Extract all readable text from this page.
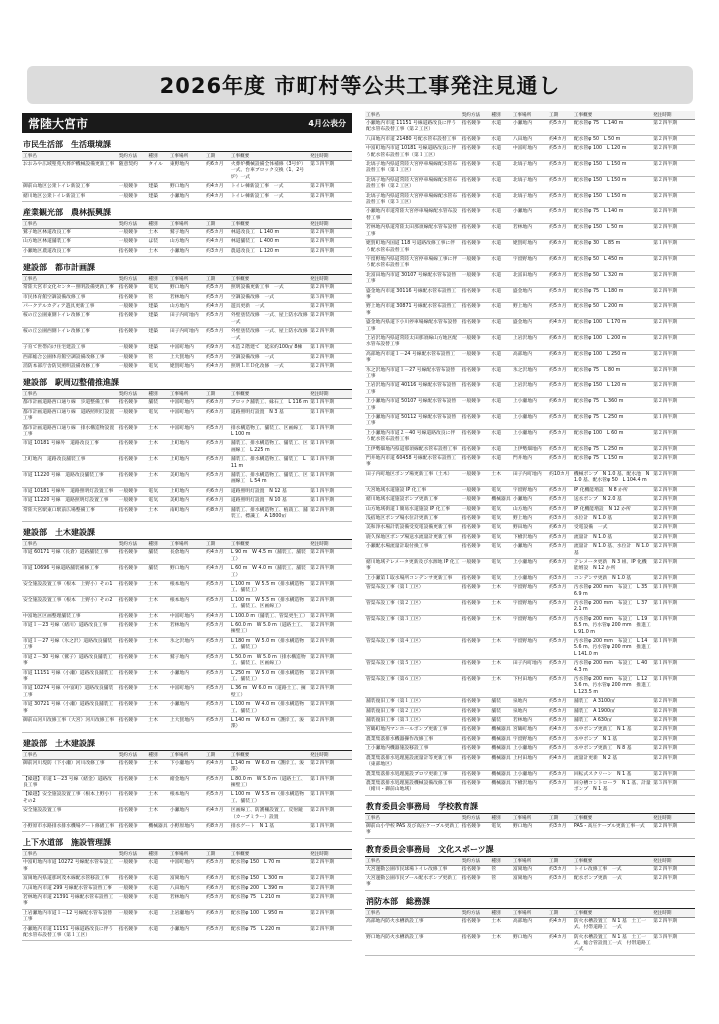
2026年度 市町村等公共工事発注見通し
常陸大宮市	4月公表分
市民生活部　生活環境課
工事名	契約方法	種別	工事場所	工期	工事概要	発注時期
おおみや広域聖苑火葬炉機械設備更新工事	随意契約	タイル	東野地内	約6カ月	火葬炉機械設備全体補修（3号炉）一式、台車ブロック交換（1、2号炉）一式	第３四半期
御前山地区公衆トイレ新設工事	一般競争	建築	野口地内	約4カ月	トイレ棟新設工事　一式	第２四半期
緒川地区公衆トイレ新設工事	一般競争	建築	小瀬地内	約4カ月	トイレ棟新設工事　一式	第２四半期
産業観光部　農林振興課
工事名	契約方法	種別	工事場所	工期	工事概要	発注時期
鷲子地区林道改良工事	一般競争	土木	鷲子地内	約5カ月	林道改良工　L 140 m	第２四半期
山方地区林道舗装工事	一般競争	ほ装	山方地内	約4カ月	林道舗装工　L 400 m	第２四半期
小瀬地区農道改良工事	指名競争	土木	小瀬地内	約3カ月	農道改良工　L 120 m	第２四半期
建設部　都市計画課
工事名	契約方法	種別	工事場所	工期	工事概要	発注時期
常陸大宮市文化センター照明設備更新工事	指名競争	電気	野口地内	約5カ月	照明設備更新工事　一式	第２四半期
市民体育館空調設備改修工事	指名競争	管	若林地内	約5カ月	空調設備改修　一式	第３四半期
パークアルカディア遊具更新工事	一般競争	建築	山方地内	約4カ月	遊具更新　一式	第２四半期
桜の丘公園東側トイレ改修工事	指名競争	建築	田子内町地内	約5カ月	外壁塗装改修　一式、屋上防水改修　一式	第２四半期
桜の丘公園西側トイレ改修工事	指名競争	建築	田子内町地内	約5カ月	外壁塗装改修　一式、屋上防水改修　一式	第２四半期
子育て世帯向け住宅建設工事	一般競争	建築	中富町地内	約9カ月	木造２階建て　延床約100㎡ 8棟	第１四半期
西部総合公園体育館空調設備改修工事	一般競争	管	上大賀地内	約5カ月	空調設備改修　一式	第２四半期
消防本部庁舎防災照明設備改修工事	一般競争	電気	姥賀町地内	約4カ月	照明ＬＥＤ化改修　一式	第２四半期
建設部　駅周辺整備推進課
工事名	契約方法	種別	工事場所	工期	工事概要	発注時期
都市計画道路西口通り線　歩道整備工事	指名競争	舗装	中富町地内	約6カ月	ブロック舗装工、縁石工　L 116 m	第１四半期
都市計画道路西口通り線　道路照明灯設置工事	一般競争	電気	中富町地内	約6カ月	道路照明灯設置　N 3 基	第１四半期
都市計画道路西口通り線　排水構造物設置工事	指名競争	土木	中富町地内	約5カ月	排水構造物工、舗装工、区画線工　L 100 m	第１四半期
市道 10181 号線外　道路改良工事	指名競争	土木	上町地内	約5カ月	舗装工、排水構造物工、舗装工、区画線工　L 225 m	第１四半期
上町地内　道路改良舗装工事	指名競争	土木	上町地内	約5カ月	舗装工、排水構造物工、舗装工　L 11 m	第１四半期
市道 11220 号線　道路改良舗装工事	指名競争	土木	美町地内	約5カ月	舗装工、排水構造物工、舗装工、区画線工　L 54 m	第１四半期
市道 10181 号線外　道路照明灯設置工事	一般競争	電気	上町地内	約6カ月	道路照明灯設置　N 12 基	第１四半期
市道 11220 号線　道路照明灯設置工事	一般競争	電気	美町地内	約6カ月	道路照明灯設置　N 10 基	第１四半期
常陸大宮駅東口駅前広場整備工事	指名競争	土木	南町地内	約8カ月	舗装工、排水構造物工、植栽工、舗装工、標識工　A 1800㎡	第２四半期
建設部　土木建設課
工事名	契約方法	種別	工事場所	工期	工事概要	発注時期
市道 60171 号線（長倉）道路舗装工事	指名競争	舗装	長倉地内	約4カ月	L 90 m　W 4.5 m（舗装工、舗装工）	第２四半期
市道 10696 号線道路舗装補修工事	指名競争	舗装	野口地内	約4カ月	L 60 m　W 4.0 m（舗装工、舗装工）	第２四半期
安全施設設置工事（根本　上野小）その1	指名競争	土木	根本地内	約5カ月	L 100 m　W 5.5 m（排水構造物工、舗装工）	第２四半期
安全施設設置工事（根本　上野小）その2	指名競争	土木	根本地内	約5カ月	L 100 m　W 5.5 m（排水構造物工、舗装工、区画線工）	第２四半期
中富地区区画整理舗装工事	指名競争	土木	中富町地内	約4カ月	L 100.0 m（舗装工、管渠更生工）	第２四半期
市道１－23 号線（緒川）道路改良工事	指名競争	土木	若林地内	約5カ月	L 60.0 m　W 5.0 m（道路土工、擁壁工）	第２四半期
市道１－27 号線（氷之沢）道路改良舗装工事	指名競争	土木	氷之沢地内	約5カ月	L 180 m　W 5.0 m（排水構造物工、舗装工）	第２四半期
市道２－30 号線（鷲子）道路改良舗装工事	指名競争	土木	鷲子地内	約5カ月	L 50.0 m　W 5.0 m（排水構造物工、舗装工、区画線工）	第２四半期
市道 11151 号線（小瀬）道路改良舗装工事	指名競争	土木	小瀬地内	約5カ月	L 250 m　W 5.0 m（排水構造物工、舗装工）	第２四半期
市道 10274 号線（中富町）道路改良舗装工事	指名競争	土木	中富町地内	約5カ月	L 36 m　W 6.0 m（道路土工、擁壁工）	第２四半期
市道 30721 号線（小瀬）道路改良舗装工事	指名競争	土木	小瀬地内	約5カ月	L 100 m　W 4.0 m（排水構造物工、舗装工）	第２四半期
御前山河川改修工事（大宮）河川改修工事	指名競争	土木	上大賀地内	約5カ月	L 140 m　W 6.0 m（護岸工、浚渫）	第２四半期
建設部　土木建設課
工事名	契約方法	種別	工事場所	工期	工事概要	発注時期
御前河川堤防（下小瀬）河川改修工事	指名競争	土木	下小瀬地内	約4カ月	L 140 m　W 6.0 m（護岸工、浚渫）	第２四半期
【繰越】市道 1－23 号線（緒金）道路改良工事	指名競争	土木	緒金地内	約5カ月	L 80.0 m　W 5.0 m（道路土工、擁壁工）	第１四半期
【繰越】安全施設設置工事（根本上野小）その2	指名競争	土木	根本地内	約5カ月	L 100 m　W 5.5 m（排水構造物工、舗装工）	第１四半期
安全施設設置工事	指名競争	土木	小瀬地内	約4カ月	区画線工、防護柵設置工、反射鏡（カーブミラー）設置	第２四半期
小野原市水路排水排水機場ゲート修繕工事	指名競争	機械器具	小野原地内	約8カ月	排水ゲート　N 1 基	第１四半期
上下水道部　施設管理課
工事名	契約方法	種別	工事場所	工期	工事概要	発注時期
中富町地内市道 10272 号線配水管布設工事	一般競争	水道	中富町地内	約5カ月	配水管φ 150　L 70 m	第２四半期
富岡地内県道那珂茂木線配水管移設工事	指名競争	水道	富岡地内	約6カ月	配水管φ 150　L 300 m	第２四半期
八田地内市道 299 号線配水管布設替工事	一般競争	水道	八田地内	約6カ月	配水管φ 200　L 390 m	第２四半期
若林地内市道 21391 号線配水管布設替工事	一般競争	水道	若林地内	約5カ月	配水管φ 75　L 210 m	第２四半期
上岩瀬地内市道１－12 号線配水管布設替工事	一般競争	水道	上岩瀬地内	約6カ月	配水管φ 100　L 950 m	第２四半期
小瀬地内市道 11151 号線道路改良に伴う配水管布設替工事（第１工区）	指名競争	水道	小瀬地内	約5カ月	配水管φ 75　L 220 m	第２四半期
工事名	契約方法	種別	工事場所	工期	工事概要	発注時期
小瀬地内市道 11151 号線道路改良に伴う配水管布設替工事（第２工区）	指名競争	水道	小瀬地内	約5カ月	配水管φ 75　L 140 m	第２四半期
八田地内市道 21480 号配水管布設替工事	指名競争	水道	八田地内	約4カ月	配水管φ 50　L 50 m	第２四半期
中富町地内市道 10181 号線道路改良に伴う配水管布設替工事（第１工区）	指名競争	水道	中富町地内	約5カ月	配水管φ 100　L 120 m	第２四半期
北塙子地内県道常陸大宮停車場線配水管布設替工事（第１工区）	指名競争	水道	北塙子地内	約5カ月	配水管φ 150　L 150 m	第２四半期
北塙子地内県道常陸大宮停車場線配水管布設替工事（第２工区）	指名競争	水道	北塙子地内	約5カ月	配水管φ 150　L 150 m	第２四半期
北塙子地内県道常陸大宮停車場線配水管布設替工事（第３工区）	指名競争	水道	北塙子地内	約5カ月	配水管φ 150　L 150 m	第２四半期
小瀬地内市道常陸大宮停車場線配水管布設替工事	指名競争	水道	小瀬地内	約5カ月	配水管φ 75　L 140 m	第２四半期
若林地内県道常陸太田那須線配水管布設替工事	指名競争	水道	若林地内	約5カ月	配水管φ 150　L 50 m	第２四半期
姥賀町地内国道 118 号道路改修工事に伴う配水管布設替工事	指名競争	水道	姥賀町地内	約6カ月	配水管φ 30　L 85 m	第１四半期
宇留野地内県道常陸大宮停車場線工事に伴う配水管布設替工事	一般競争	水道	宇留野地内	約6カ月	配水管φ 50　L 450 m	第２四半期
北富田地内市道 30107 号線配水管布設替工事	一般競争	水道	北富田地内	約6カ月	配水管φ 50　L 320 m	第２四半期
盛金地内市道 30116 号線配水管布設替工事	指名競争	水道	盛金地内	約5カ月	配水管φ 75　L 180 m	第２四半期
野上地内市道 30871 号線配水管布設替工事	指名競争	水道	野上地内	約5カ月	配水管φ 50　L 200 m	第２四半期
盛金地内県道下小川停車場線配水管布設替工事	指名競争	水道	盛金地内	約4カ月	配水管φ 100　L 170 m	第２四半期
上岩沢地内県道常陸太田那須線山方地区配水管布設替工事	一般競争	水道	上岩沢地内	約6カ月	配水管φ 100　L 200 m	第２四半期
高部地内市道１－24 号線配水管布設替工事	一般競争	水道	高部地内	約6カ月	配水管φ 100　L 250 m	第２四半期
氷之沢地内市道１－27 号線配水管布設替工事	指名競争	水道	氷之沢地内	約5カ月	配水管φ 75　L 80 m	第２四半期
上岩沢地内市道 40116 号線配水管布設替工事	指名競争	水道	上岩沢地内	約5カ月	配水管φ 150　L 120 m	第２四半期
上小瀬地内市道 50107 号線配水管布設替工事	一般競争	水道	上小瀬地内	約6カ月	配水管φ 75　L 360 m	第２四半期
上小瀬地内市道 50112 号線配水管布設替工事	指名競争	水道	上小瀬地内	約5カ月	配水管φ 75　L 250 m	第１四半期
上小瀬地内市道２－40 号線道路改良に伴う配水管布設替工事	指名競争	水道	上小瀬地内	約5カ月	配水管φ 100　L 60 m	第２四半期
上伊勢畑地内県道那須線配水管布設替工事	指名競争	水道	上伊勢畑地内	約5カ月	配水管φ 75　L 250 m	第２四半期
門井地内市道 60458 号線配水管布設替工事	指名競争	水道	門井地内	約5カ月	配水管φ 75　L 150 m	第２四半期
田子内町地区ポンプ場更新工事（土木）	一般競争	土木	田子内町地内	約10カ月	機械ポンプ　N 1.0 基、配水池　N 1.0 基、配水管φ 50　L 104.4 m	第２四半期
大宮地域水道施設 IP 化工事	一般競争	電気	宇留野地内	約5カ月	IP 化機能増設　N 8 か所	第２四半期
緒川地域水道施設ポンプ更新工事	一般競争	機械器具	小瀬地内	約5カ月	送水ポンプ　N 2.0 基	第２四半期
山方地域街道１簡易水道施設 IP 化工事	一般競争	電気	山方地内	約5カ月	IP 化機能増設　N 12 か所	第２四半期
浅宿地区ポンプ場水位計更新工事	指名競争	電気	野上地内	約3カ月	水位計　N 1.0 基	第２四半期
美和浄水場計装設備受変電設備更新工事	指名競争	電気	野田地内	約6カ月	受電設備　一式	第２四半期
鹿久保地区ポンプ場送水流量計更新工事	指名競争	電気	下檜沢地内	約5カ月	流量計　N 1.0 基	第２四半期
小瀬配水場流量計取付換工事	指名競争	電気	小瀬地内	約5カ月	流量計　N 1.0 基、水位計　N 1.0 基	第２四半期
緒川地域テレメータ更新及び水源地 IP 化工事	一般競争	電気	上小瀬地内	約6カ月	テレメータ更新　N 3 組、IP 化機能増設　N 12 か所	第２四半期
上小瀬第１取水場所コンデンサ更新工事	指名競争	電気	上小瀬地内	約3カ月	コンデンサ更新　N 1.0 基	第２四半期
管渠布設工事（第１工区）	指名競争	土木	宇留野地内	約5カ月	汚水管φ 200 mm　布設工　L 356.9 m	第１四半期
管渠布設工事（第２工区）	指名競争	土木	宇留野地内	約5カ月	汚水管φ 200 mm　布設工　L 372.1 m	第１四半期
管渠布設工事（第３工区）	指名競争	土木	宇留野地内	約5カ月	汚水管φ 200 mm　布設工　L 198.5 m、汚水管φ 200 mm　推進工　L 91.0 m	第１四半期
管渠布設工事（第４工区）	指名競争	土木	宇留野地内	約5カ月	汚水管φ 200 mm　布設工　L 145.6 m、汚水管φ 200 mm　推進工　L 141.0 m	第１四半期
管渠布設工事（第５工区）	指名競争	土木	田子内町地内	約5カ月	汚水管φ 200 mm　布設工　L 404.3 m	第１四半期
管渠布設工事（第６工区）	指名競争	土木	下村田地内	約5カ月	汚水管φ 200 mm　布設工　L 123.6 m、汚水管φ 200 mm　推進工　L 123.5 m	第１四半期
舗装復旧工事（第１工区）	指名競争	舗装	泉地内	約5カ月	舗装工　A 3100㎡	第２四半期
舗装復旧工事（第２工区）	指名競争	舗装	泉地内	約5カ月	舗装工　A 1900㎡	第２四半期
舗装復旧工事（第３工区）	指名競争	舗装	若林地内	約5カ月	舗装工　A 630㎡	第２四半期
宮鶴町地内マンホールポンプ更新工事	指名競争	機械器具	宮鶴町地内	約4カ月	水中ポンプ更新工　N 1 基	第２四半期
農業集落排水機器操作改修工事	指名競争	機械器具	宇留野地内	約5カ月	水中ポンプ　N 1 基	第２四半期
上小瀬地内機器施設移設工事	指名競争	機械器具	上小瀬地内	約5カ月	水中ポンプ更新工　N 8 基	第２四半期
農業集落排水処理施設流量計等更新工事（東部地区）	指名競争	機械器具	上村田地内	約4カ月	流量計更新　N 2 基	第２四半期
農業集落排水処理施設ブロワ更新工事	指名競争	機械器具	上小瀬地内	約5カ月	回転式スクリーン　N 1 基	第２四半期
農業集落排水処理施設機械設備改修工事（緒川・御前山地域）	指名競争	機械器具	下檜沢地内	約5カ月	回分槽コントローラ　N 1 基、計量ポンプ　N 1 基	第３四半期
教育委員会事務局　学校教育課
工事名	契約方法	種別	工事場所	工期	工事概要	発注時期
御前山小学校 PAS 及び高圧ケーブル更新工事	指名競争	電気	野口地内	約3カ月	PAS・高圧ケーブル更新工事一式	第２四半期
教育委員会事務局　文化スポーツ課
工事名	契約方法	種別	工事場所	工期	工事概要	発注時期
大宮運動公園市民球場トイレ改修工事	指名競争	管	富岡地内	約3カ月	トイレ改修工事　一式	第２四半期
大宮運動公園市民プール配水ポンプ更新工事	指名競争	管	富岡地内	約3カ月	配水ポンプ更新　一式	第２四半期
消防本部　総務課
工事名	契約方法	種別	工事場所	工期	工事概要	発注時期
高部地内防火水槽新設工事	指名競争	土木	高部地内	約4カ月	防火水槽設置工　N 1 基　土工一式、付帯道路工　一式	第２四半期
野口地内防火水槽新設工事	指名競争	土木	野口地内	約4カ月	防火水槽設置工　N 1 基　土工一式、総合管設置工一式　付帯道路工一式	第３四半期
